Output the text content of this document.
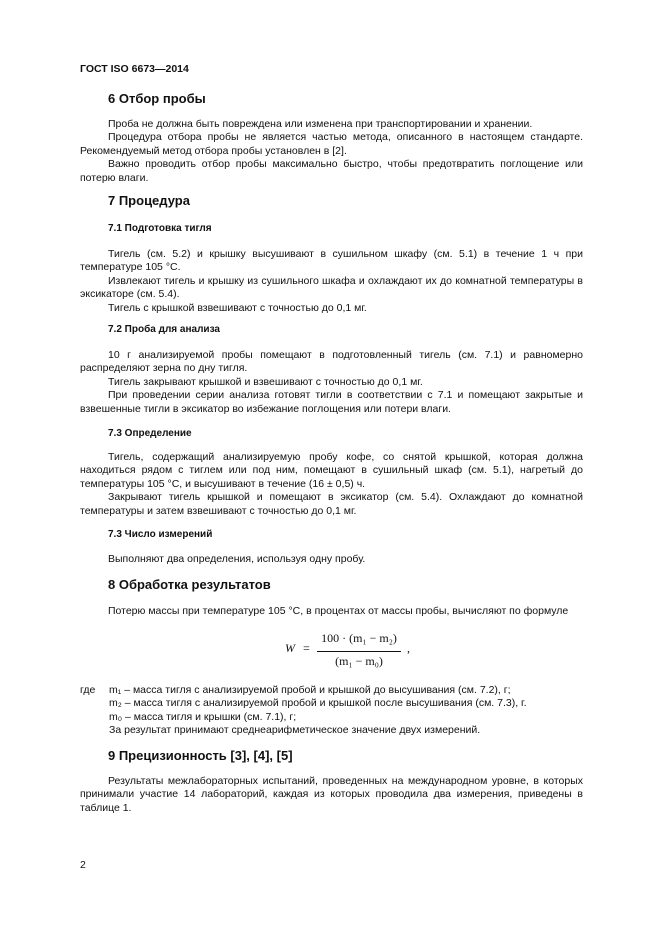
ГОСТ ISO 6673—2014
6 Отбор пробы

Проба не должна быть повреждена или изменена при транспортировании и хранении.

Процедура отбора пробы не является частью метода, описанного в настоящем стандарте. Рекомендуемый метод отбора пробы установлен в [2].

Важно проводить отбор пробы максимально быстро, чтобы предотвратить поглощение или потерю влаги.

7 Процедура
7.1 Подготовка тигля

Тигель (см. 5.2) и крышку высушивают в сушильном шкафу (см. 5.1) в течение 1 ч при температуре 105 °С.

Извлекают тигель и крышку из сушильного шкафа и охлаждают их до комнатной температуры в эксикаторе (см. 5.4).

Тигель с крышкой взвешивают с точностью до 0,1 мг.

7.2 Проба для анализа

10 г анализируемой пробы помещают в подготовленный тигель (см. 7.1) и равномерно распределяют зерна по дну тигля.

Тигель закрывают крышкой и взвешивают с точностью до 0,1 мг.

При проведении серии анализа готовят тигли в соответствии с 7.1 и помещают закрытые и взвешенные тигли в эксикатор во избежание поглощения или потери влаги.

7.3 Определение

Тигель, содержащий анализируемую пробу кофе, со снятой крышкой, которая должна находиться рядом с тиглем или под ним, помещают в сушильный шкаф (см. 5.1), нагретый до температуры 105 °С, и высушивают в течение (16 ± 0,5) ч.

Закрывают тигель крышкой и помещают в эксикатор (см. 5.4). Охлаждают до комнатной температуры и затем взвешивают с точностью до 0,1 мг.

7.3 Число измерений

Выполняют два определения, используя одну пробу.

8 Обработка результатов

Потерю массы при температуре 105 °С, в процентах от массы пробы, вычисляют по формуле

W =
100 · (m₁ − m₂)
(m₁ − m₀)
,
где m₁ – масса тигля с анализируемой пробой и крышкой до высушивания (см. 7.2), г;
m₂ – масса тигля с анализируемой пробой и крышкой после высушивания (см. 7.3), г.
m₀ – масса тигля и крышки (см. 7.1), г;

За результат принимают среднеарифметическое значение двух измерений.

9 Прецизионность [3], [4], [5]

Результаты межлабораторных испытаний, проведенных на международном уровне, в которых принимали участие 14 лабораторий, каждая из которых проводила два измерения, приведены в таблице 1.

2
